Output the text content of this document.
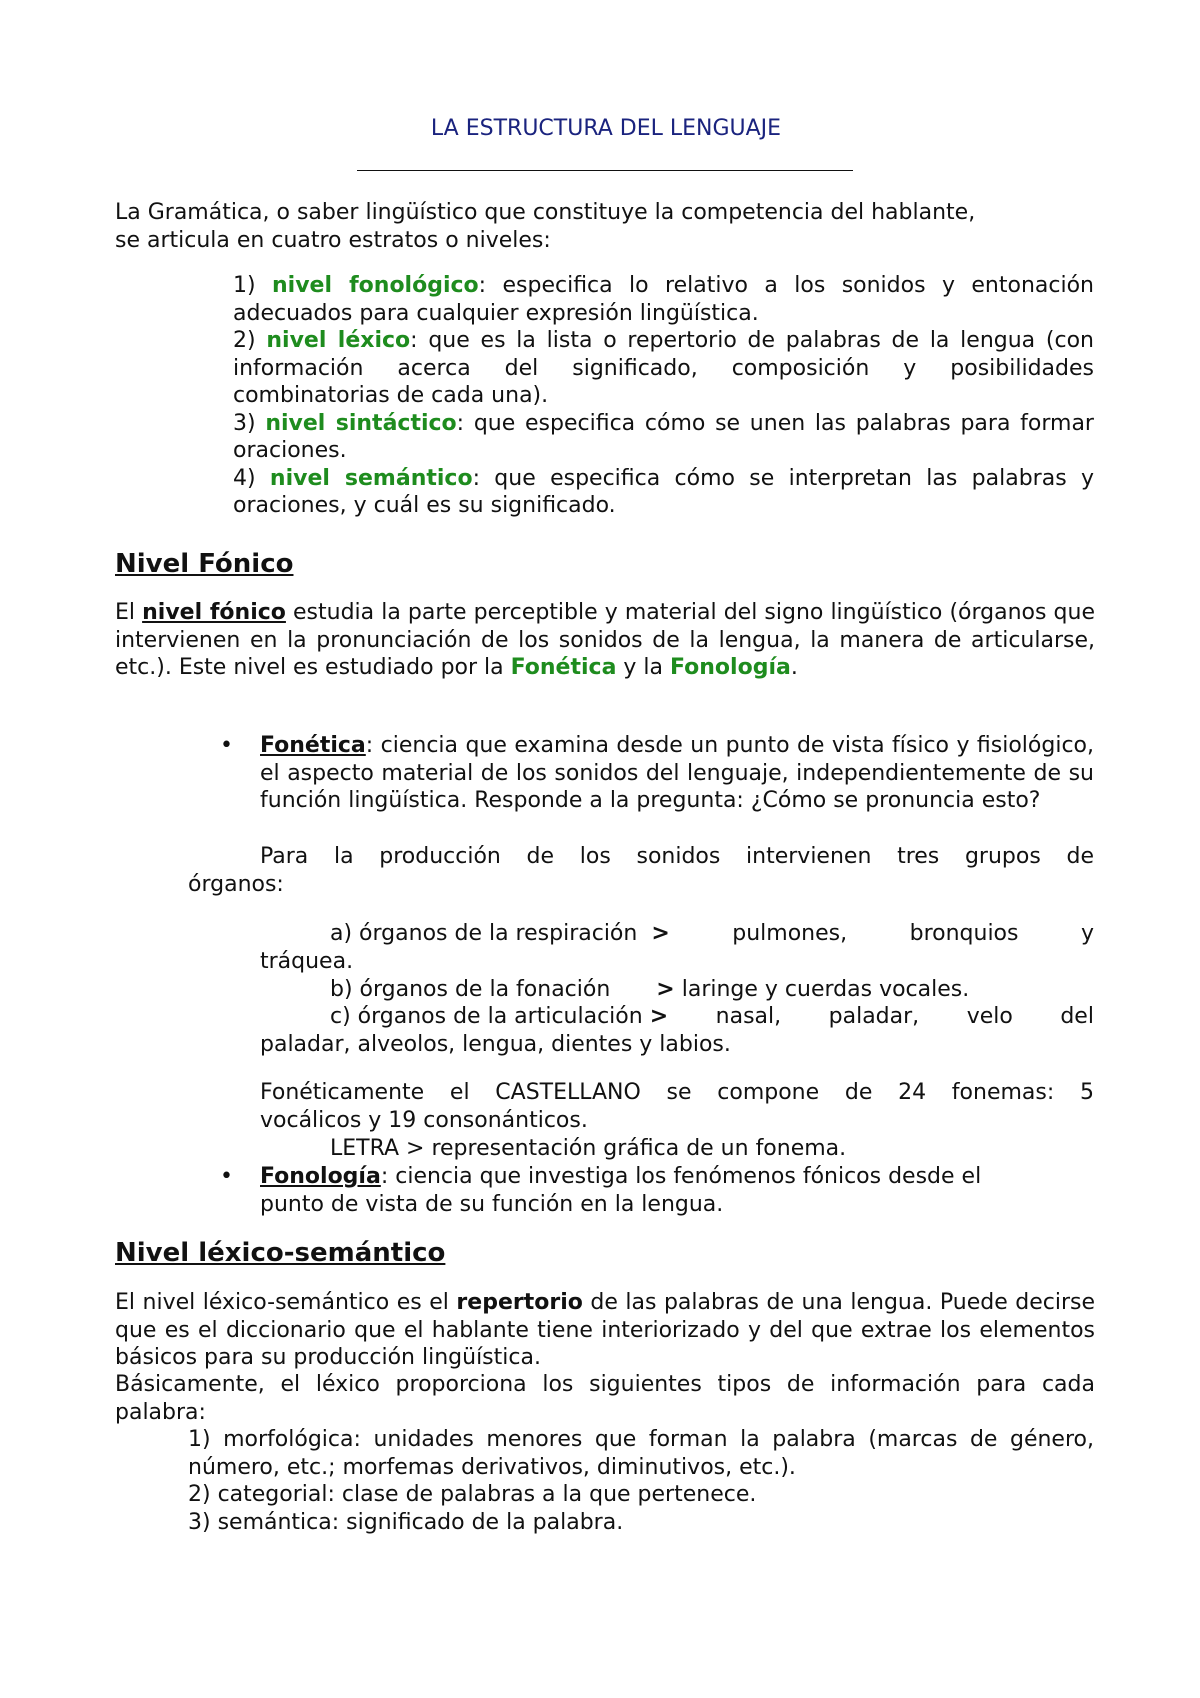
LA ESTRUCTURA DEL LENGUAJE
La Gramática, o saber lingüístico que constituye la competencia del hablante,
se articula en cuatro estratos o niveles:
1) nivel fonológico: especifica lo relativo a los sonidos y entonación adecuados para cualquier expresión lingüística.
2) nivel léxico: que es la lista o repertorio de palabras de la lengua (con información acerca del significado, composición y posibilidades combinatorias de cada una).
3) nivel sintáctico: que especifica cómo se unen las palabras para formar oraciones.
4) nivel semántico: que especifica cómo se interpretan las palabras y oraciones, y cuál es su significado.
Nivel Fónico
El nivel fónico estudia la parte perceptible y material del signo lingüístico (órganos que intervienen en la pronunciación de los sonidos de la lengua, la manera de articularse, etc.). Este nivel es estudiado por la Fonética y la Fonología.
• Fonética: ciencia que examina desde un punto de vista físico y fisiológico, el aspecto material de los sonidos del lenguaje, independientemente de su función lingüística. Responde a la pregunta: ¿Cómo se pronuncia esto?
Para la producción de los sonidos intervienen tres grupos de
órganos:
a) órganos de la respiración >	pulmones,	bronquios	y
tráquea.
b) órganos de la fonación > laringe y cuerdas vocales.
c) órganos de la articulación > nasal, paladar, velo del
paladar, alveolos, lengua, dientes y labios.
Fonéticamente el CASTELLANO se compone de 24 fonemas: 5
vocálicos y 19 consonánticos.
LETRA > representación gráfica de un fonema.
• Fonología: ciencia que investiga los fenómenos fónicos desde el
punto de vista de su función en la lengua.
Nivel léxico-semántico
El nivel léxico-semántico es el repertorio de las palabras de una lengua. Puede decirse que es el diccionario que el hablante tiene interiorizado y del que extrae los elementos básicos para su producción lingüística.
Básicamente, el léxico proporciona los siguientes tipos de información para cada palabra:
1) morfológica: unidades menores que forman la palabra (marcas de género, número, etc.; morfemas derivativos, diminutivos, etc.).
2) categorial: clase de palabras a la que pertenece.
3) semántica: significado de la palabra.
